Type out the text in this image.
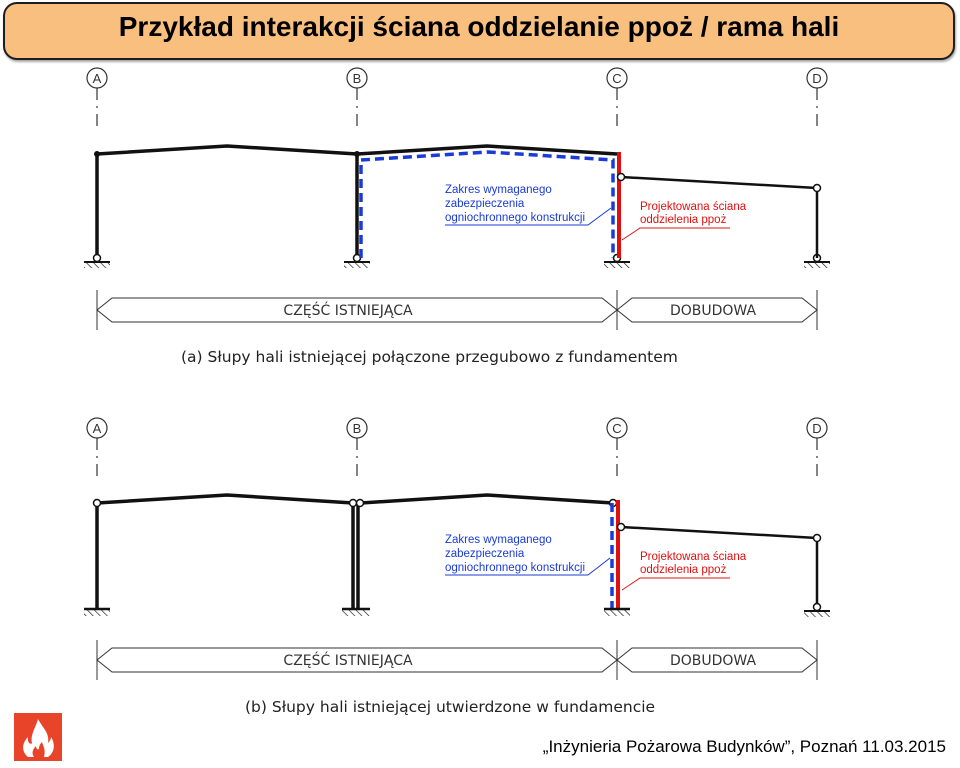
Przykład interakcji ściana oddzielanie ppoż / rama hali
A	B	C	D
Zakres wymaganego
zabezpieczenia
ogniochronnego konstrukcji
Projektowana ściana
oddzielenia ppoż
CZĘŚĆ ISTNIEJĄCA	DOBUDOWA
(a) Słupy hali istniejącej połączone przegubowo z fundamentem
A	B	C	D
Zakres wymaganego
zabezpieczenia
ogniochronnego konstrukcji
Projektowana ściana
oddzielenia ppoż
CZĘŚĆ ISTNIEJĄCA	DOBUDOWA
(b) Słupy hali istniejącej utwierdzone w fundamencie
„Inżynieria Pożarowa Budynków”, Poznań 11.03.2015
